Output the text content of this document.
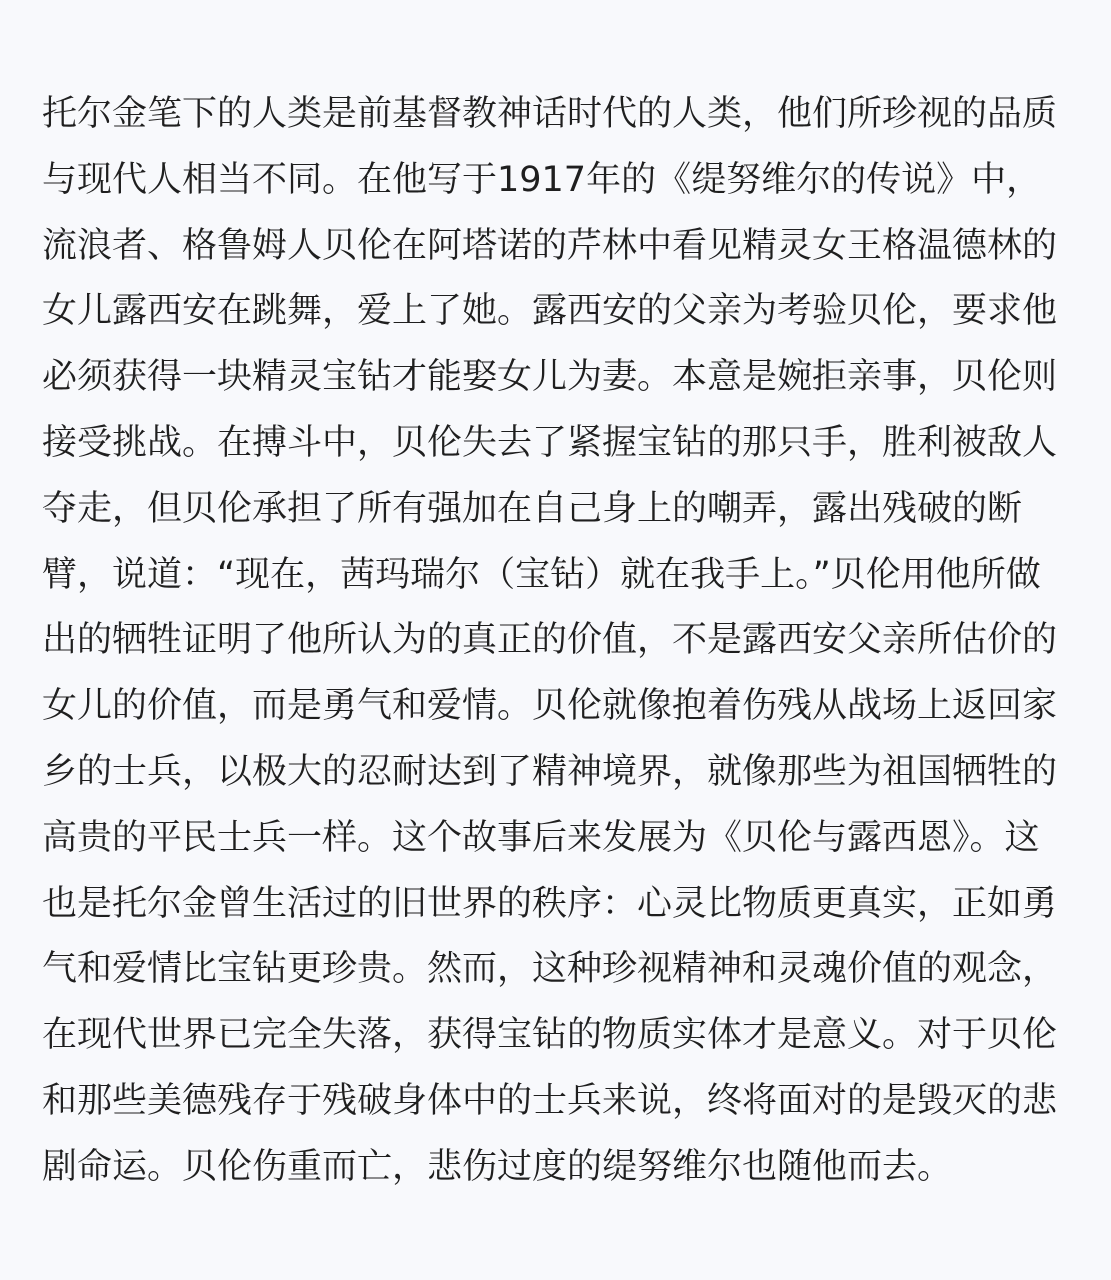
托尔金笔下的人类是前基督教神话时代的人类，他们所珍视的品质
与现代人相当不同。在他写于1917年的《缇努维尔的传说》中，
流浪者、格鲁姆人贝伦在阿塔诺的芹林中看见精灵女王格温德林的
女儿露西安在跳舞，爱上了她。露西安的父亲为考验贝伦，要求他
必须获得一块精灵宝钻才能娶女儿为妻。本意是婉拒亲事，贝伦则
接受挑战。在搏斗中，贝伦失去了紧握宝钻的那只手，胜利被敌人
夺走，但贝伦承担了所有强加在自己身上的嘲弄，露出残破的断
臂，说道：“现在，茜玛瑞尔（宝钻）就在我手上。”贝伦用他所做
出的牺牲证明了他所认为的真正的价值，不是露西安父亲所估价的
女儿的价值，而是勇气和爱情。贝伦就像抱着伤残从战场上返回家
乡的士兵，以极大的忍耐达到了精神境界，就像那些为祖国牺牲的
高贵的平民士兵一样。这个故事后来发展为《贝伦与露西恩》。这
也是托尔金曾生活过的旧世界的秩序：心灵比物质更真实，正如勇
气和爱情比宝钻更珍贵。然而，这种珍视精神和灵魂价值的观念，
在现代世界已完全失落，获得宝钻的物质实体才是意义。对于贝伦
和那些美德残存于残破身体中的士兵来说，终将面对的是毁灭的悲
剧命运。贝伦伤重而亡，悲伤过度的缇努维尔也随他而去。
